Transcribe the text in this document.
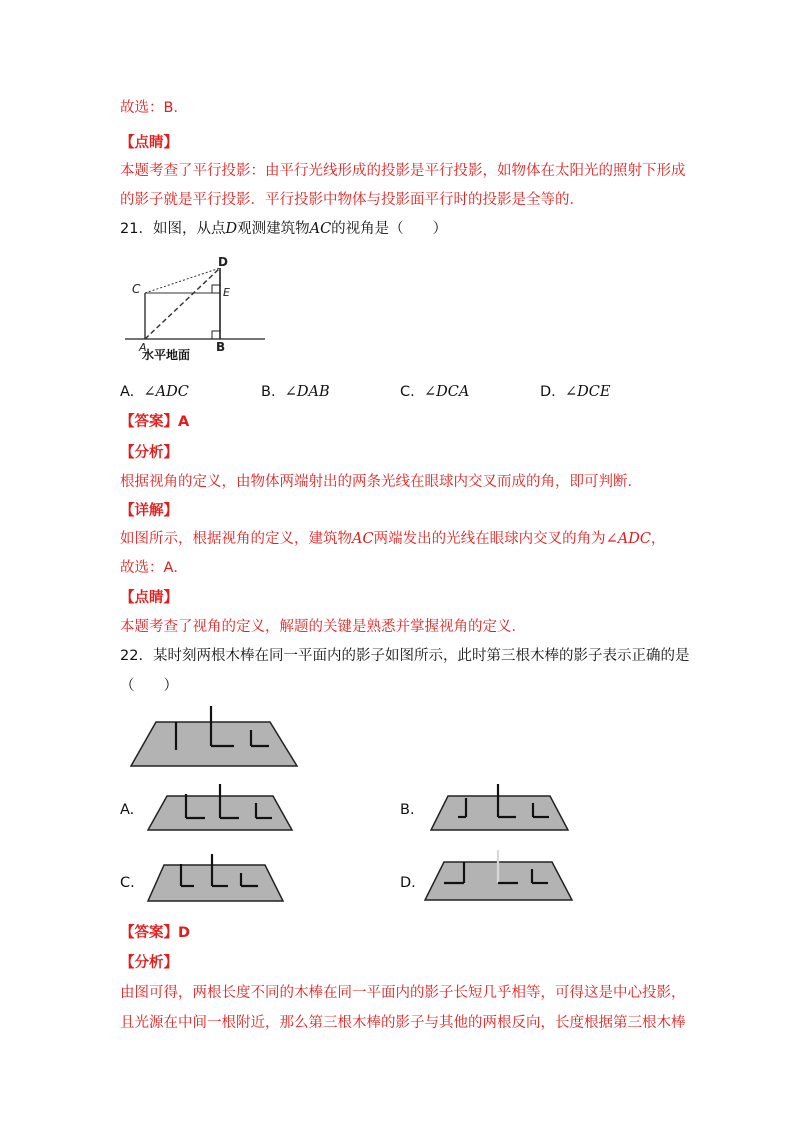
故选：B．
【点睛】
本题考查了平行投影：由平行光线形成的投影是平行投影，如物体在太阳光的照射下形成
的影子就是平行投影．平行投影中物体与投影面平行时的投影是全等的．
21．如图，从点D观测建筑物AC的视角是（　　）
C
D
E
A	B
水平地面
A. ∠ADC	B. ∠DAB	C. ∠DCA	D. ∠DCE
【答案】A
【分析】
根据视角的定义，由物体两端射出的两条光线在眼球内交叉而成的角，即可判断．
【详解】
如图所示，根据视角的定义，建筑物AC两端发出的光线在眼球内交叉的角为∠ADC，
故选：A．
【点睛】
本题考查了视角的定义，解题的关键是熟悉并掌握视角的定义．
22．某时刻两根木棒在同一平面内的影子如图所示，此时第三根木棒的影子表示正确的是
（　　）
A.	B.
C.	D.
【答案】D
【分析】
由图可得，两根长度不同的木棒在同一平面内的影子长短几乎相等，可得这是中心投影，
且光源在中间一根附近，那么第三根木棒的影子与其他的两根反向，长度根据第三根木棒
